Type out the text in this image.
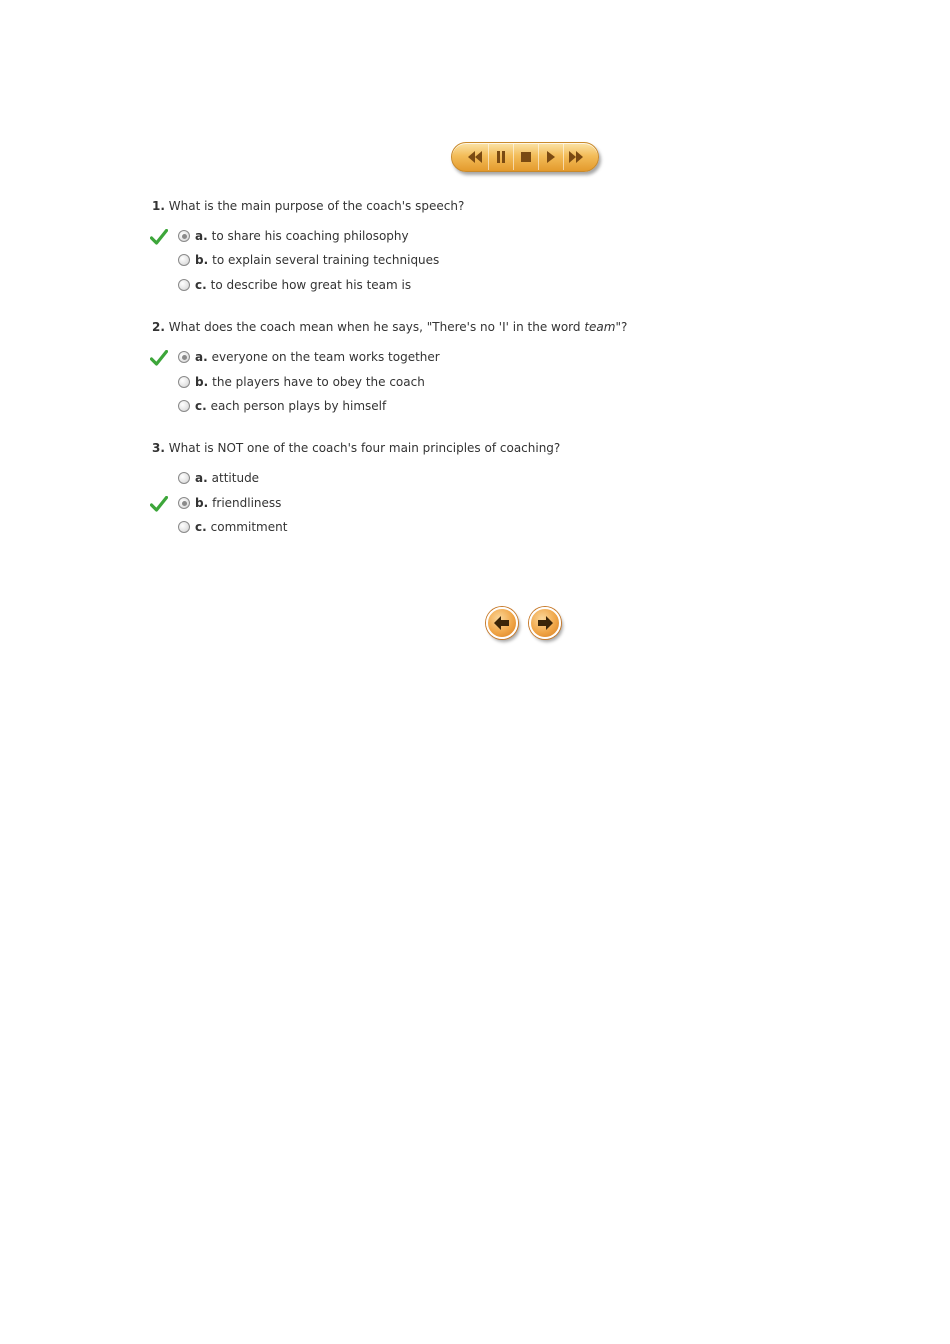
1. What is the main purpose of the coach's speech?
a. to share his coaching philosophy
b. to explain several training techniques
c. to describe how great his team is
2. What does the coach mean when he says, "There's no 'I' in the word team"?
a. everyone on the team works together
b. the players have to obey the coach
c. each person plays by himself
3. What is NOT one of the coach's four main principles of coaching?
a. attitude
b. friendliness
c. commitment
